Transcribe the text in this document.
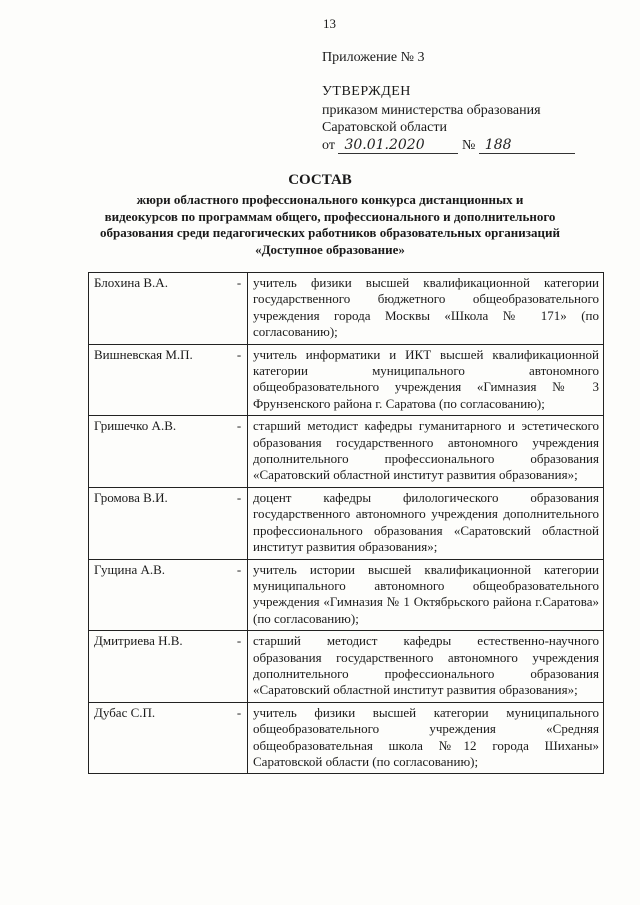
13
Приложение № 3
УТВЕРЖДЕН
приказом министерства образования
Саратовской области
от 30.01.2020	№ 188
СОСТАВ
жюри областного профессионального конкурса дистанционных и видеокурсов по программам общего, профессионального и дополнительного образования среди педагогических работников образовательных организаций «Доступное образование»
Блохина В.А.	-	учитель физики высшей квалификационной категории государственного бюджетного общеобразовательного учреждения города Москвы «Школа № 171» (по согласованию);
Вишневская М.П.	-	учитель информатики и ИКТ высшей квалификационной категории муниципального автономного общеобразовательного учреждения «Гимназия № 3 Фрунзенского района г. Саратова (по согласованию);
Гришечко А.В.	-	старший методист кафедры гуманитарного и эстетического образования государственного автономного учреждения дополнительного профессионального образования «Саратовский областной институт развития образования»;
Громова В.И.	-	доцент кафедры филологического образования государственного автономного учреждения дополнительного профессионального образования «Саратовский областной институт развития образования»;
Гущина А.В.	-	учитель истории высшей квалификационной категории муниципального автономного общеобразовательного учреждения «Гимназия № 1 Октябрьского района г.Саратова» (по согласованию);
Дмитриева Н.В.	-	старший методист кафедры естественно-научного образования государственного автономного учреждения дополнительного профессионального образования «Саратовский областной институт развития образования»;
Дубас С.П.	-	учитель физики высшей категории муниципального общеобразовательного учреждения «Средняя общеобразовательная школа №12 города Шиханы» Саратовской области (по согласованию);
